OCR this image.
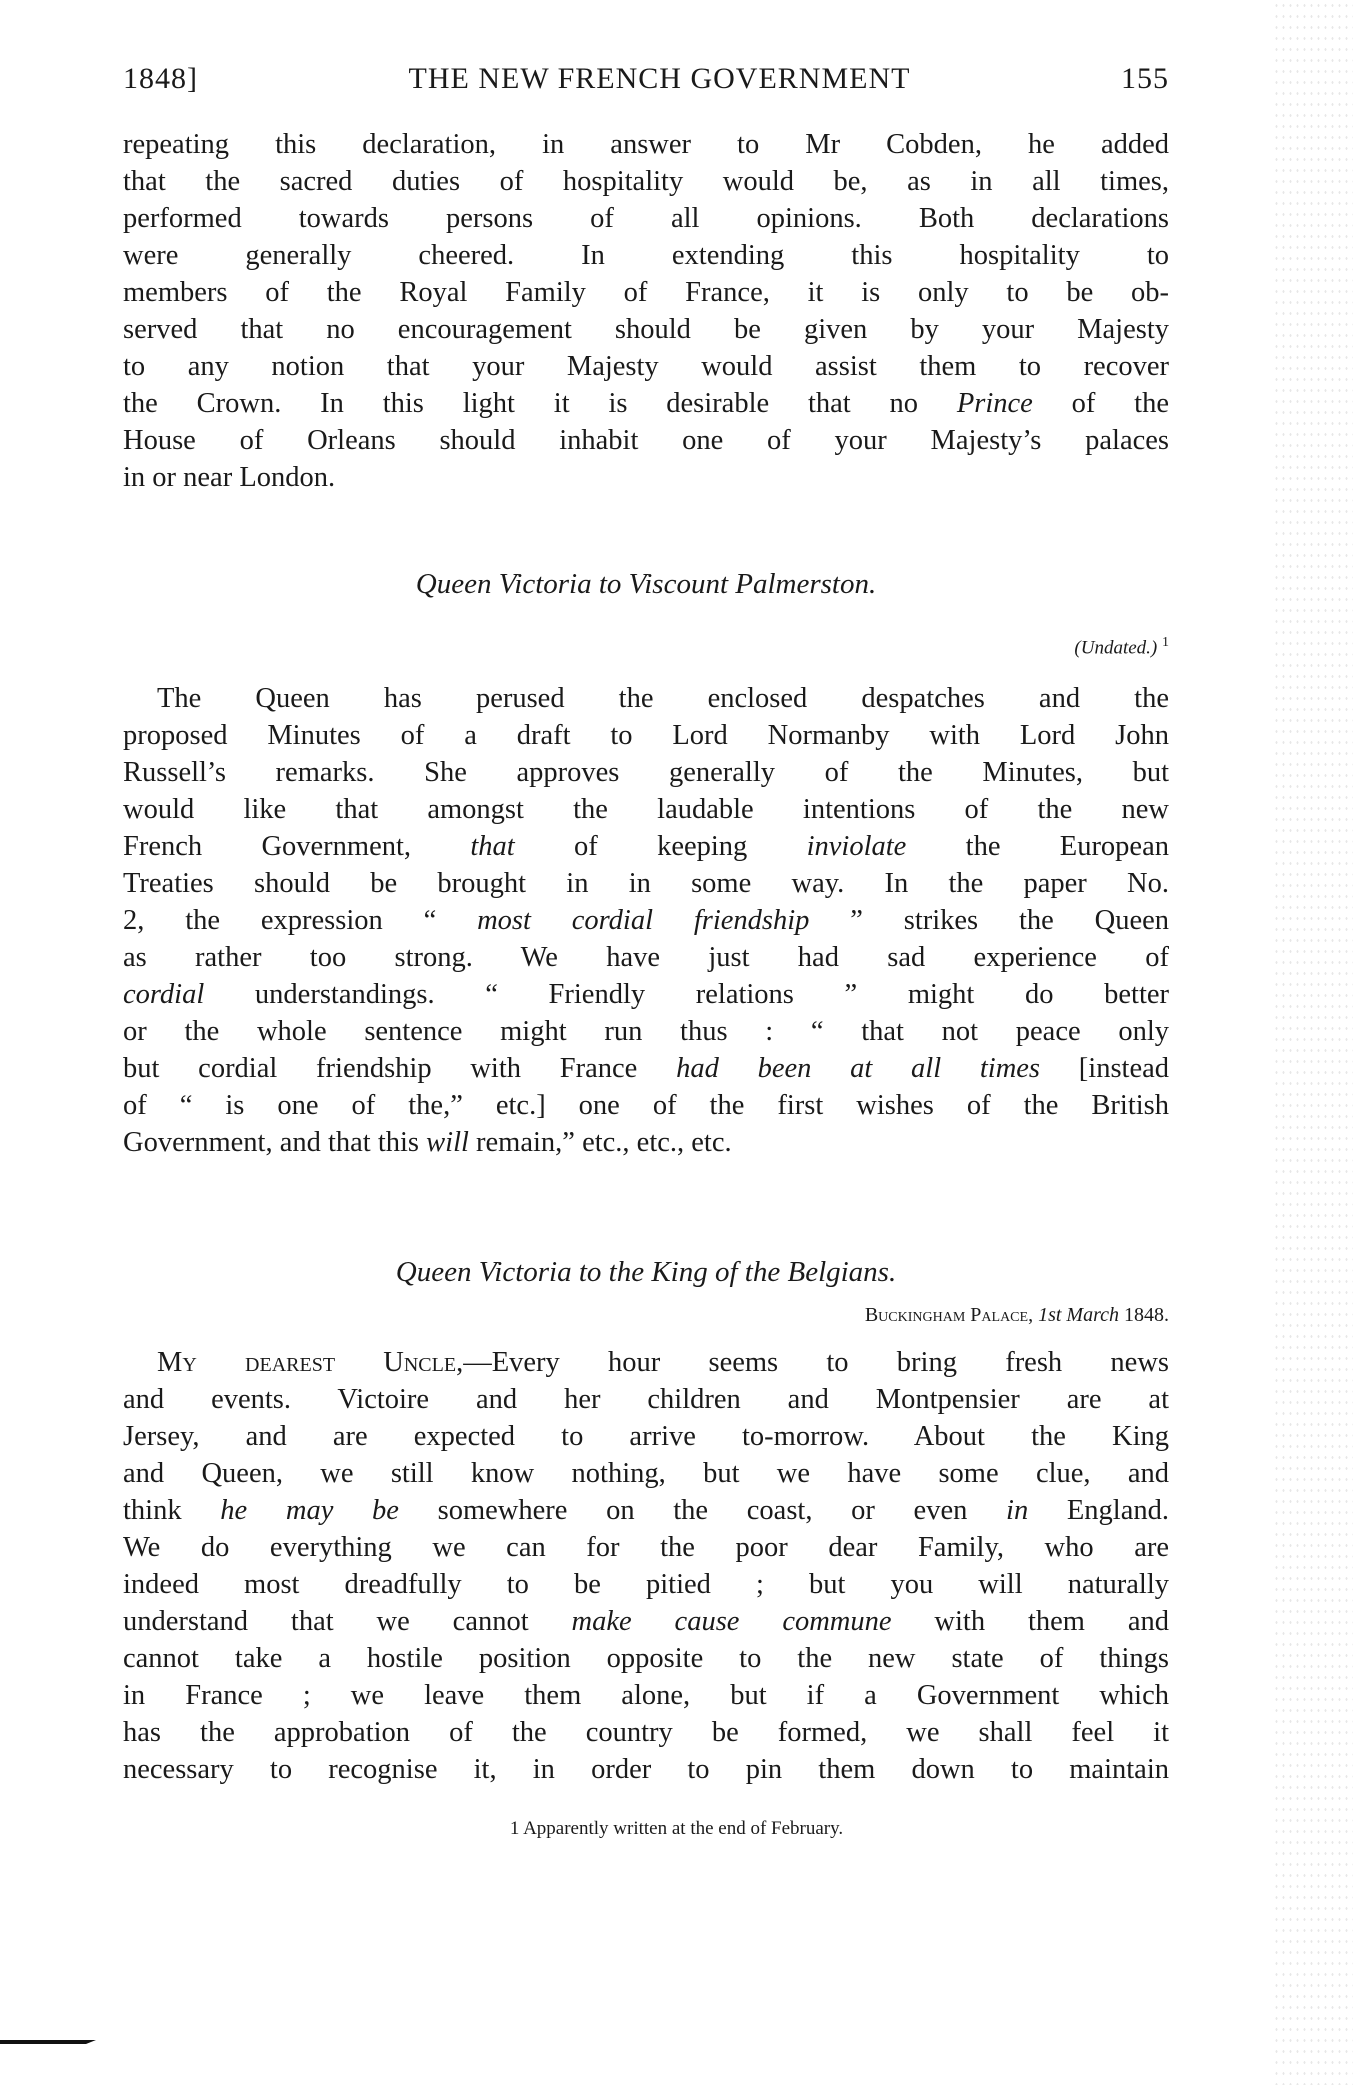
1848]	THE NEW FRENCH GOVERNMENT	155
repeating this declaration, in answer to Mr Cobden, he added
that the sacred duties of hospitality would be, as in all times,
performed towards persons of all opinions. Both declarations
were generally cheered. In extending this hospitality to
members of the Royal Family of France, it is only to be ob-
served that no encouragement should be given by your Majesty
to any notion that your Majesty would assist them to recover
the Crown. In this light it is desirable that no Prince of the
House of Orleans should inhabit one of your Majesty’s palaces
in or near London.
Queen Victoria to Viscount Palmerston.
(Undated.) $^1$
The Queen has perused the enclosed despatches and the
proposed Minutes of a draft to Lord Normanby with Lord John
Russell’s remarks. She approves generally of the Minutes, but
would like that amongst the laudable intentions of the new
French Government, that of keeping inviolate the European
Treaties should be brought in in some way. In the paper No.
2, the expression “ most cordial friendship ” strikes the Queen
as rather too strong. We have just had sad experience of
cordial understandings. “ Friendly relations ” might do better
or the whole sentence might run thus : “ that not peace only
but cordial friendship with France had been at all times [instead
of “ is one of the,” etc.] one of the first wishes of the British
Government, and that this will remain,” etc., etc., etc.
Queen Victoria to the King of the Belgians.
Buckingham Palace, 1st March 1848.
My dearest Uncle,—Every hour seems to bring fresh news
and events. Victoire and her children and Montpensier are at
Jersey, and are expected to arrive to-morrow. About the King
and Queen, we still know nothing, but we have some clue, and
think he may be somewhere on the coast, or even in England.
We do everything we can for the poor dear Family, who are
indeed most dreadfully to be pitied ; but you will naturally
understand that we cannot make cause commune with them and
cannot take a hostile position opposite to the new state of things
in France ; we leave them alone, but if a Government which
has the approbation of the country be formed, we shall feel it
necessary to recognise it, in order to pin them down to maintain
1 Apparently written at the end of February.
